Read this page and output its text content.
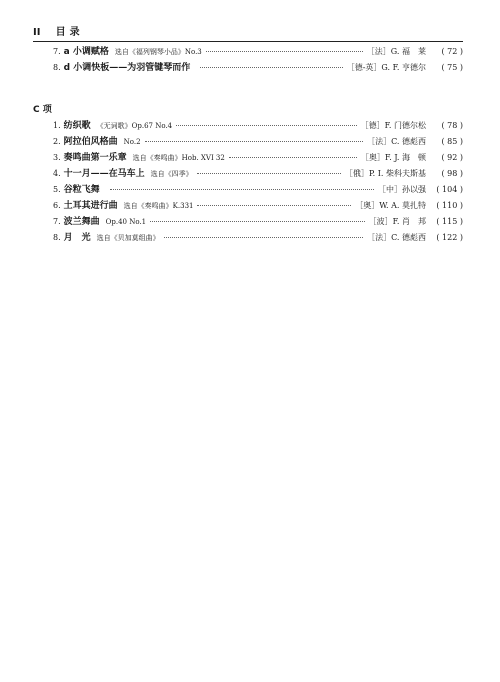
II 目录
7. a 小调赋格 选自《福列钢琴小品》No.3	［法］G. 福　莱	( 72 )
8. d 小调快板——为羽管键琴而作	［德-英］G. F. 亨德尔	( 75 )
C 项
1. 纺织歌 《无词歌》Op.67 No.4	［德］F. 门德尔松	( 78 )
2. 阿拉伯风格曲 No.2	［法］C. 德彪西	( 85 )
3. 奏鸣曲第一乐章 选自《奏鸣曲》Hob. XVI 32	［奥］F. J. 海　顿	( 92 )
4. 十一月——在马车上 选自《四季》	［俄］P. I. 柴科夫斯基	( 98 )
5. 谷粒飞舞	［中］孙以强	( 104 )
6. 土耳其进行曲 选自《奏鸣曲》K.331	［奥］W. A. 莫扎特	( 110 )
7. 波兰舞曲 Op.40 No.1	［波］F. 肖　邦	( 115 )
8. 月　光 选自《贝加莫组曲》	［法］C. 德彪西	( 122 )
